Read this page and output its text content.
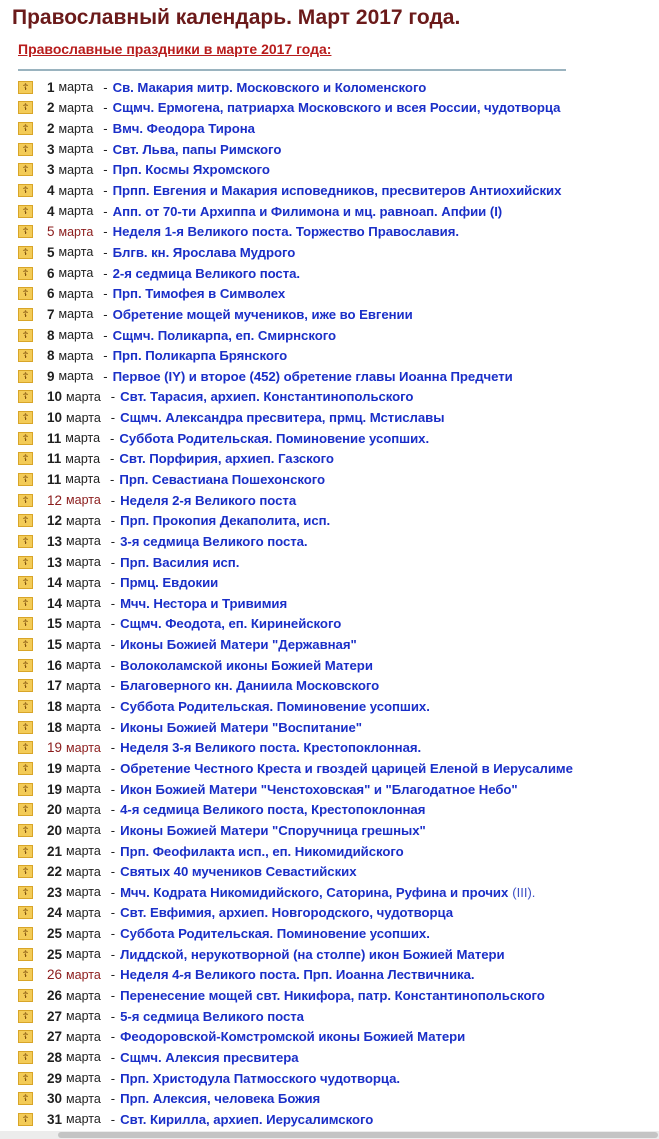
Православный календарь. Март 2017 года.
Православные праздники в марте 2017 года:
☦	1 марта - Св. Макария митр. Московского и Коломенского
☦	2 марта - Сщмч. Ермогена, патриарха Московского и всея России, чудотворца
☦	2 марта - Вмч. Феодора Тирона
☦	3 марта - Свт. Льва, папы Римского
☦	3 марта - Прп. Космы Яхромского
☦	4 марта - Прпп. Евгения и Макария исповедников, пресвитеров Антиохийских
☦	4 марта - Апп. от 70-ти Архиппа и Филимона и мц. равноап. Апфии (I)
☦	5 марта - Неделя 1-я Великого поста. Торжество Православия.
☦	5 марта - Блгв. кн. Ярослава Мудрого
☦	6 марта - 2-я седмица Великого поста.
☦	6 марта - Прп. Тимофея в Символех
☦	7 марта - Обретение мощей мучеников, иже во Евгении
☦	8 марта - Сщмч. Поликарпа, еп. Смирнского
☦	8 марта - Прп. Поликарпа Брянского
☦	9 марта - Первое (IY) и второе (452) обретение главы Иоанна Предчети
☦	10 марта - Свт. Тарасия, архиеп. Константинопольского
☦	10 марта - Сщмч. Александра пресвитера, прмц. Мстиславы
☦	11 марта - Суббота Родительская. Поминовение усопших.
☦	11 марта - Свт. Порфирия, архиеп. Газского
☦	11 марта - Прп. Севастиана Пошехонского
☦	12 марта - Неделя 2-я Великого поста
☦	12 марта - Прп. Прокопия Декаполита, исп.
☦	13 марта - 3-я седмица Великого поста.
☦	13 марта - Прп. Василия исп.
☦	14 марта - Прмц. Евдокии
☦	14 марта - Мчч. Нестора и Тривимия
☦	15 марта - Сщмч. Феодота, еп. Киринейского
☦	15 марта - Иконы Божией Матери "Державная"
☦	16 марта - Волоколамской иконы Божией Матери
☦	17 марта - Благоверного кн. Даниила Московского
☦	18 марта - Суббота Родительская. Поминовение усопших.
☦	18 марта - Иконы Божией Матери "Воспитание"
☦	19 марта - Неделя 3-я Великого поста. Крестопоклонная.
☦	19 марта - Обретение Честного Креста и гвоздей царицей Еленой в Иерусалиме
☦	19 марта - Икон Божией Матери "Ченстоховская" и "Благодатное Небо"
☦	20 марта - 4-я седмица Великого поста, Крестопоклонная
☦	20 марта - Иконы Божией Матери "Споручница грешных"
☦	21 марта - Прп. Феофилакта исп., еп. Никомидийского
☦	22 марта - Святых 40 мучеников Севастийских
☦	23 марта - Мчч. Кодрата Никомидийского, Саторина, Руфина и прочих (III).
☦	24 марта - Свт. Евфимия, архиеп. Новгородского, чудотворца
☦	25 марта - Суббота Родительская. Поминовение усопших.
☦	25 марта - Лиддской, нерукотворной (на столпе) икон Божией Матери
☦	26 марта - Неделя 4-я Великого поста. Прп. Иоанна Лествичника.
☦	26 марта - Перенесение мощей свт. Никифора, патр. Константинопольского
☦	27 марта - 5-я седмица Великого поста
☦	27 марта - Феодоровской-Комстромской иконы Божией Матери
☦	28 марта - Сщмч. Алексия пресвитера
☦	29 марта - Прп. Христодула Патмосского чудотворца.
☦	30 марта - Прп. Алексия, человека Божия
☦	31 марта - Свт. Кирилла, архиеп. Иерусалимского
